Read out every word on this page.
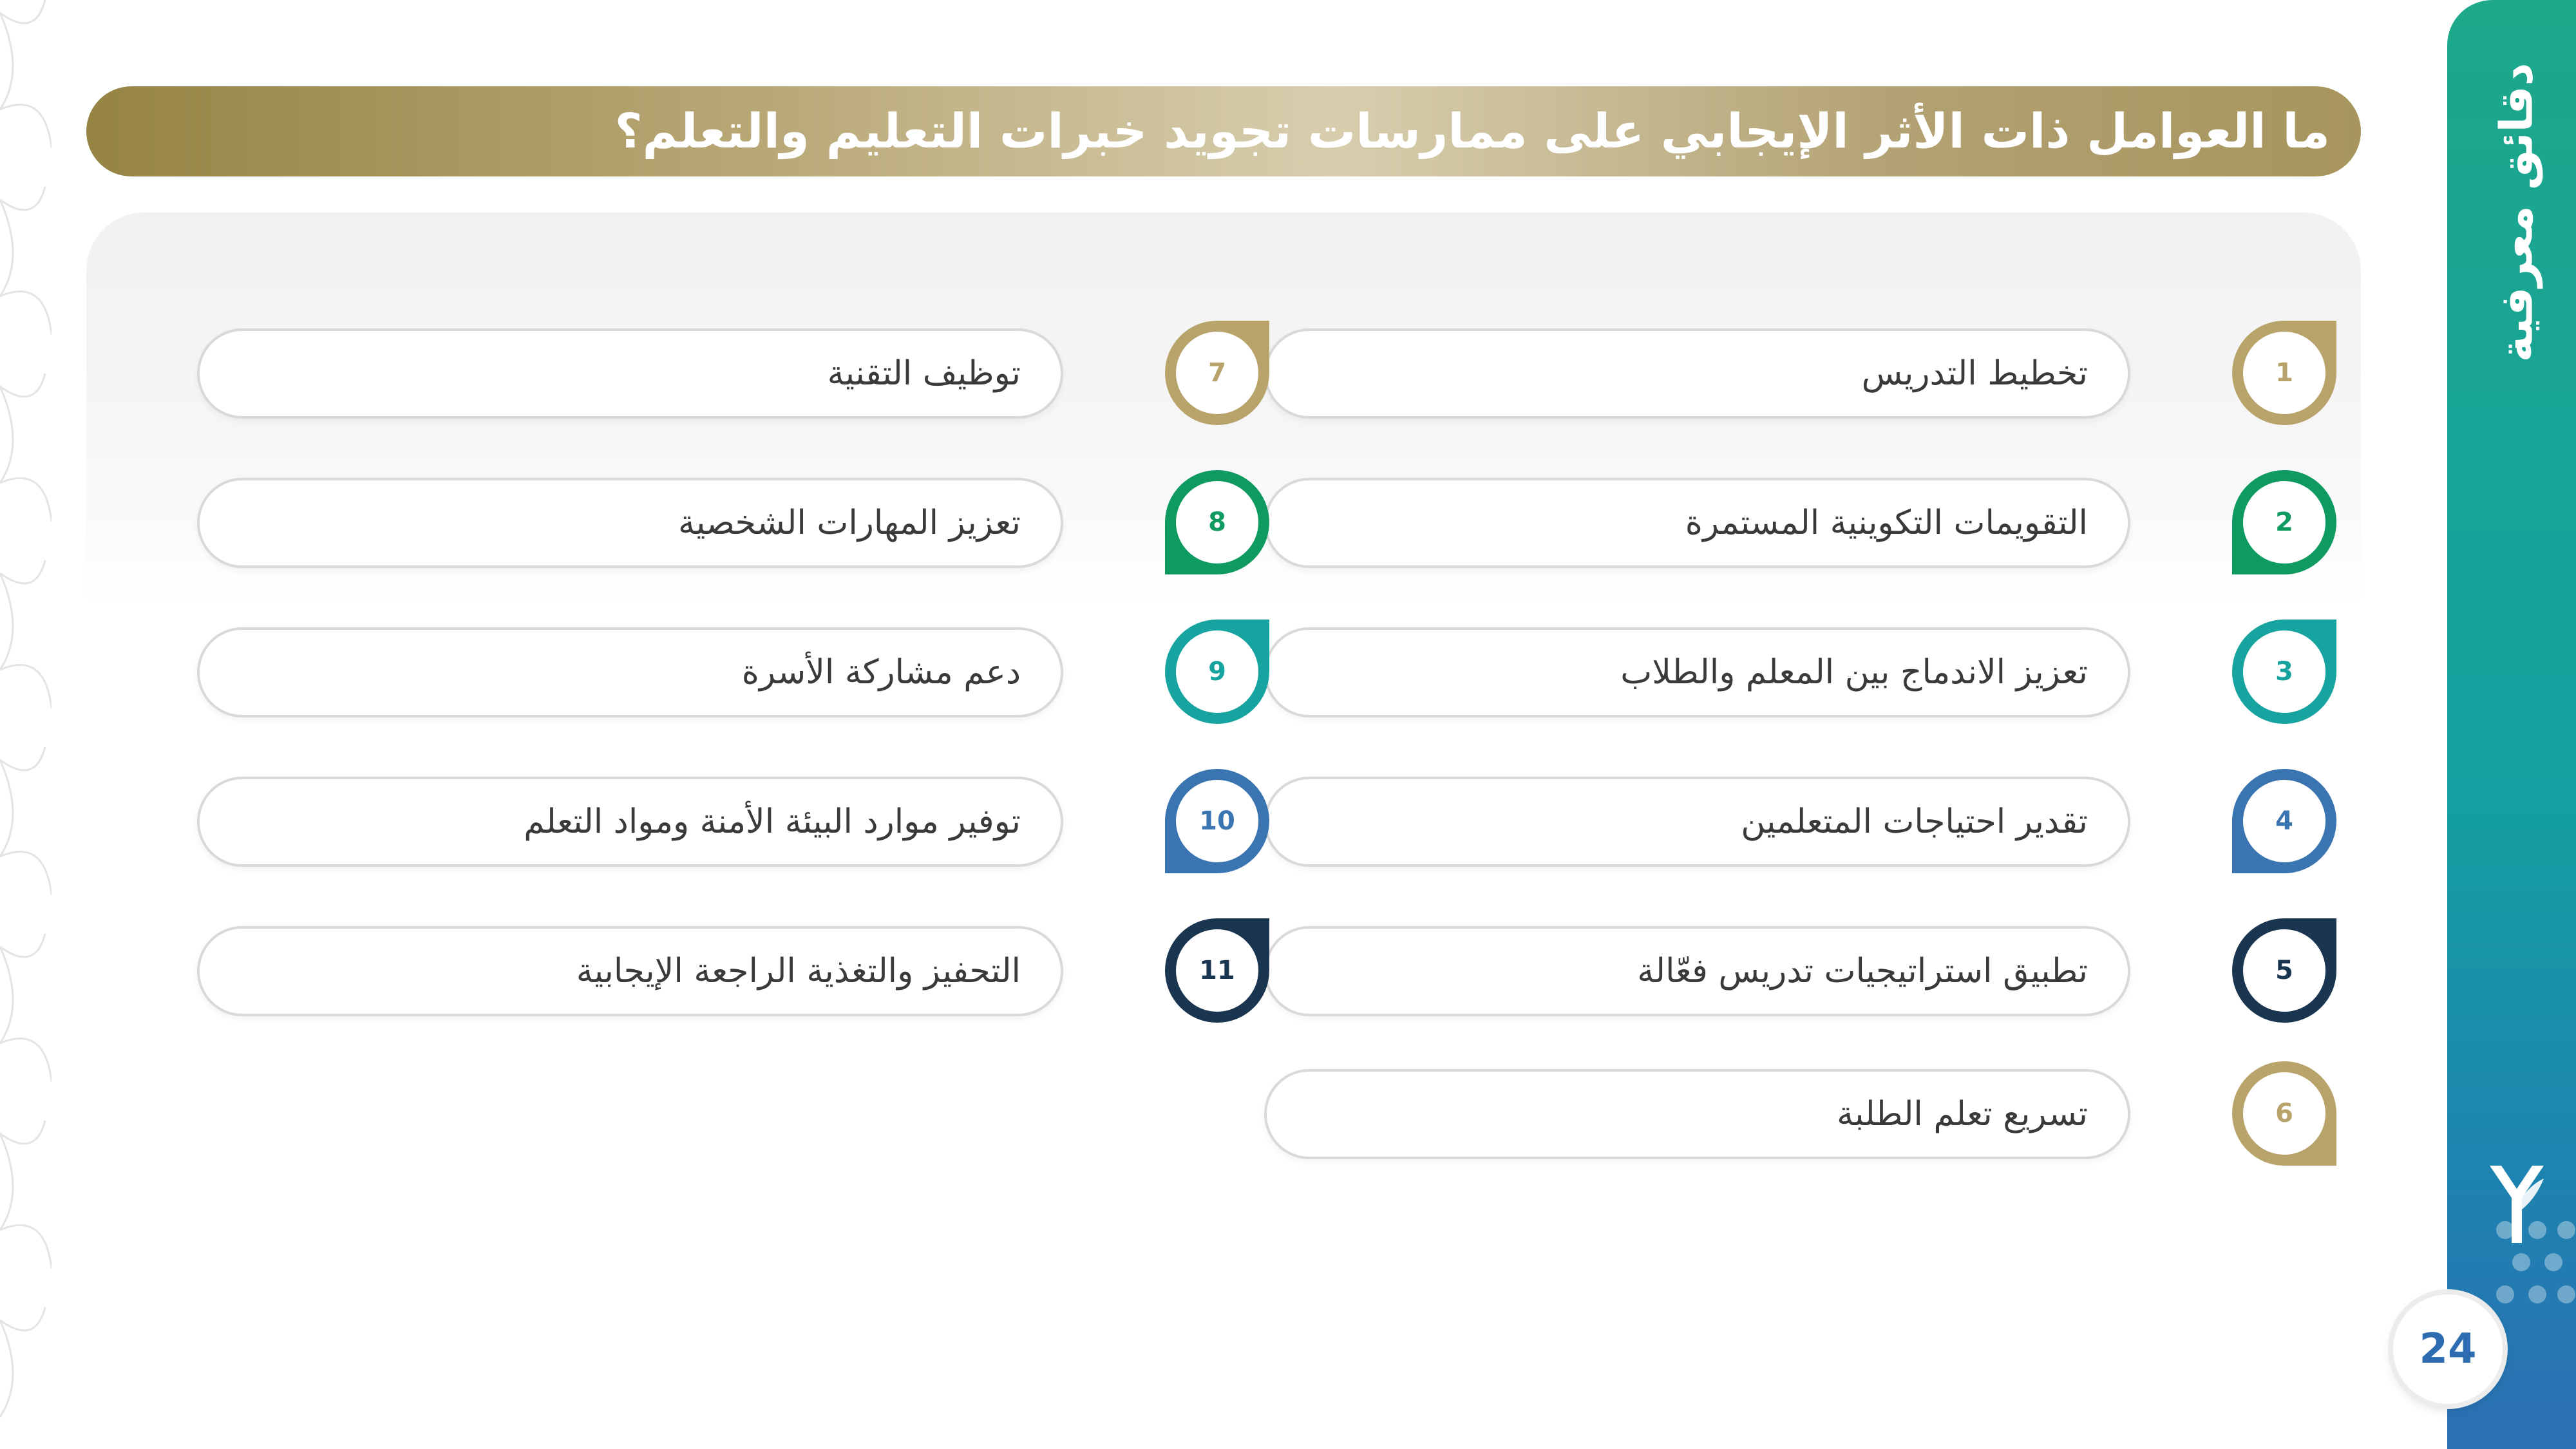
ما العوامل ذات الأثر الإيجابي على ممارسات تجويد خبرات التعليم والتعلم؟	دقائق معرفية
24
تخطيط التدريس	1
التقويمات التكوينية المستمرة	2
تعزيز الاندماج بين المعلم والطلاب	3
تقدير احتياجات المتعلمين	4
تطبيق استراتيجيات تدريس فعّالة	5
تسريع تعلم الطلبة	6
توظيف التقنية	7
تعزيز المهارات الشخصية	8
دعم مشاركة الأسرة	9
توفير موارد البيئة الأمنة ومواد التعلم	10
التحفيز والتغذية الراجعة الإيجابية	11
